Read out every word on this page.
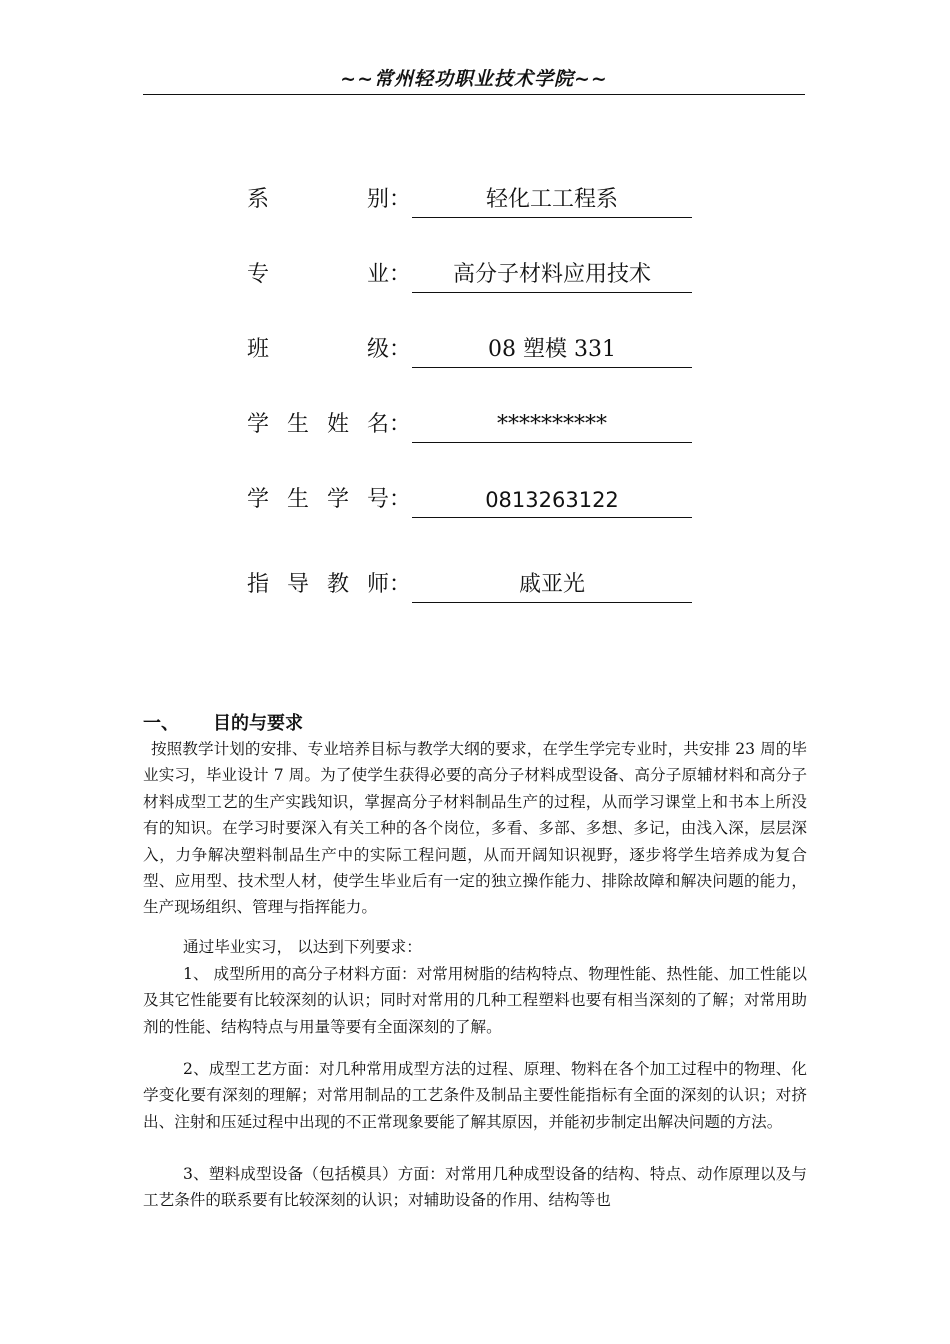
~~常州轻功职业技术学院~~
系	别：	轻化工工程系
专	业：	高分子材料应用技术
班	级：	08 塑模 331
学 生 姓 名：	**********
学 生 学 号：	0813263122
指 导 教 师：	戚亚光
一、 目的与要求

按照教学计划的安排、专业培养目标与教学大纲的要求，在学生学完专业时，共安排 23 周的毕业实习，毕业设计 7 周。为了使学生获得必要的高分子材料成型设备、高分子原辅材料和高分子材料成型工艺的生产实践知识，掌握高分子材料制品生产的过程，从而学习课堂上和书本上所没有的知识。在学习时要深入有关工种的各个岗位，多看、多部、多想、多记，由浅入深，层层深入，力争解决塑料制品生产中的实际工程问题，从而开阔知识视野，逐步将学生培养成为复合型、应用型、技术型人材，使学生毕业后有一定的独立操作能力、排除故障和解决问题的能力，生产现场组织、管理与指挥能力。

通过毕业实习， 以达到下列要求：

1、 成型所用的高分子材料方面：对常用树脂的结构特点、物理性能、热性能、加工性能以及其它性能要有比较深刻的认识；同时对常用的几种工程塑料也要有相当深刻的了解；对常用助剂的性能、结构特点与用量等要有全面深刻的了解。

2、成型工艺方面：对几种常用成型方法的过程、原理、物料在各个加工过程中的物理、化学变化要有深刻的理解；对常用制品的工艺条件及制品主要性能指标有全面的深刻的认识；对挤出、注射和压延过程中出现的不正常现象要能了解其原因，并能初步制定出解决问题的方法。

3、塑料成型设备（包括模具）方面：对常用几种成型设备的结构、特点、动作原理以及与工艺条件的联系要有比较深刻的认识；对辅助设备的作用、结构等也
